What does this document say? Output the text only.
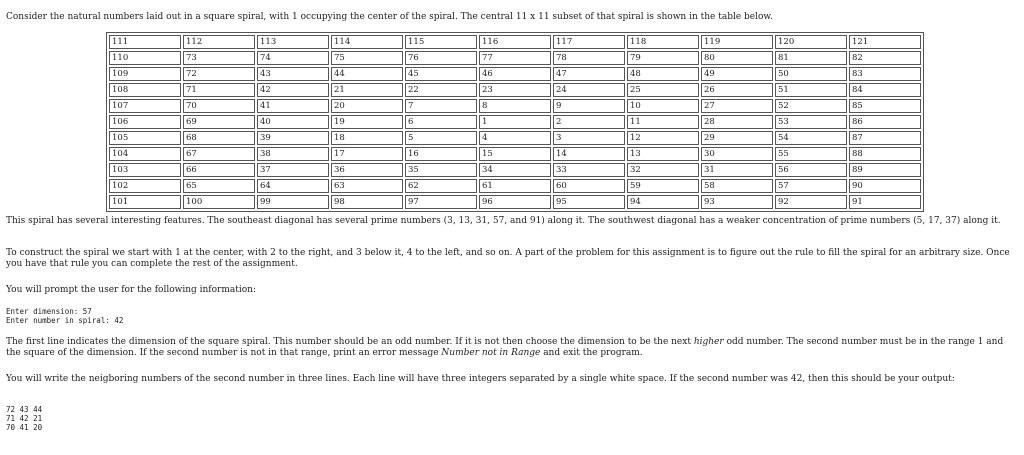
Consider the natural numbers laid out in a square spiral, with 1 occupying the center of the spiral. The central 11 x 11 subset of that spiral is shown in the table below.

111	112	113	114	115	116	117	118	119	120	121
110	73	74	75	76	77	78	79	80	81	82
109	72	43	44	45	46	47	48	49	50	83
108	71	42	21	22	23	24	25	26	51	84
107	70	41	20	7	8	9	10	27	52	85
106	69	40	19	6	1	2	11	28	53	86
105	68	39	18	5	4	3	12	29	54	87
104	67	38	17	16	15	14	13	30	55	88
103	66	37	36	35	34	33	32	31	56	89
102	65	64	63	62	61	60	59	58	57	90
101	100	99	98	97	96	95	94	93	92	91

This spiral has several interesting features. The southeast diagonal has several prime numbers (3, 13, 31, 57, and 91) along it. The southwest diagonal has a weaker concentration of prime numbers (5, 17, 37) along it.

To construct the spiral we start with 1 at the center, with 2 to the right, and 3 below it, 4 to the left, and so on. A part of the problem for this assignment is to figure out the rule to fill the spiral for an arbitrary size. Once you have that rule you can complete the rest of the assignment.

You will prompt the user for the following information:

Enter dimension: 57
Enter number in spiral: 42

The first line indicates the dimension of the square spiral. This number should be an odd number. If it is not then choose the dimension to be the next higher odd number. The second number must be in the range 1 and the square of the dimension. If the second number is not in that range, print an error message Number not in Range and exit the program.

You will write the neigboring numbers of the second number in three lines. Each line will have three integers separated by a single white space. If the second number was 42, then this should be your output:

72 43 44
71 42 21
70 41 20
